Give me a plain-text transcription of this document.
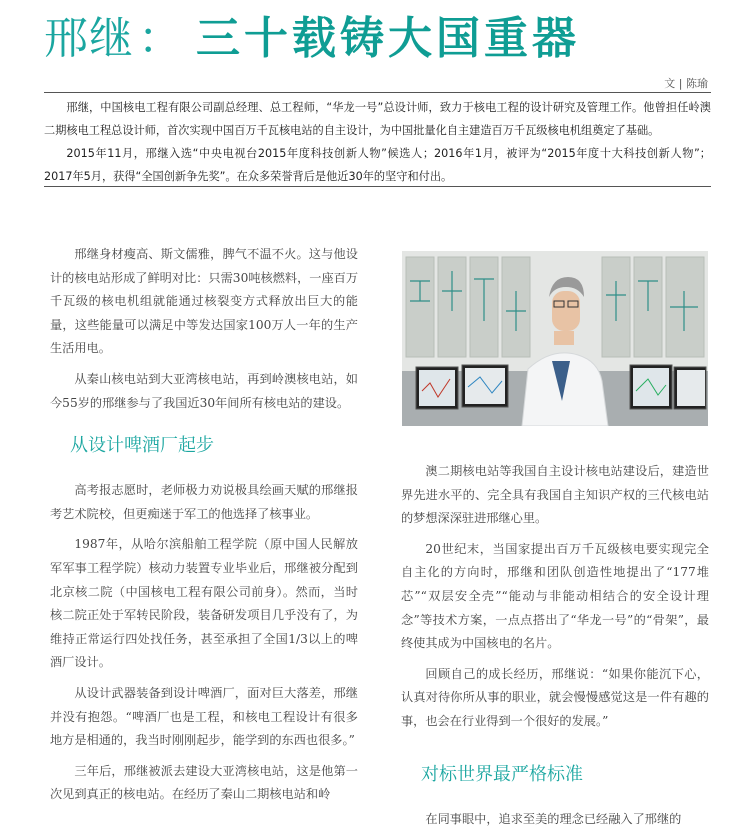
邢继： 三十载铸大国重器
文 | 陈瑜

邢继，中国核电工程有限公司副总经理、总工程师，“华龙一号”总设计师，致力于核电工程的设计研究及管理工作。他曾担任岭澳二期核电工程总设计师，首次实现中国百万千瓦核电站的自主设计，为中国批量化自主建造百万千瓦级核电机组奠定了基础。

2015年11月，邢继入选“中央电视台2015年度科技创新人物”候选人；2016年1月，被评为“2015年度十大科技创新人物”；2017年5月，获得“全国创新争先奖”。在众多荣誉背后是他近30年的坚守和付出。

邢继身材瘦高、斯文儒雅，脾气不温不火。这与他设计的核电站形成了鲜明对比：只需30吨核燃料，一座百万千瓦级的核电机组就能通过核裂变方式释放出巨大的能量，这些能量可以满足中等发达国家100万人一年的生产生活用电。

从秦山核电站到大亚湾核电站，再到岭澳核电站，如今55岁的邢继参与了我国近30年间所有核电站的建设。

从设计啤酒厂起步

高考报志愿时，老师极力劝说极具绘画天赋的邢继报考艺术院校，但更痴迷于军工的他选择了核事业。

1987年，从哈尔滨船舶工程学院（原中国人民解放军军事工程学院）核动力装置专业毕业后，邢继被分配到北京核二院（中国核电工程有限公司前身）。然而，当时核二院正处于军转民阶段，装备研发项目几乎没有了，为维持正常运行四处找任务，甚至承担了全国1/3以上的啤酒厂设计。

从设计武器装备到设计啤酒厂，面对巨大落差，邢继并没有抱怨。“啤酒厂也是工程，和核电工程设计有很多地方是相通的，我当时刚刚起步，能学到的东西也很多。”

三年后，邢继被派去建设大亚湾核电站，这是他第一次见到真正的核电站。在经历了秦山二期核电站和岭

澳二期核电站等我国自主设计核电站建设后，建造世界先进水平的、完全具有我国自主知识产权的三代核电站的梦想深深驻进邢继心里。

20世纪末，当国家提出百万千瓦级核电要实现完全自主化的方向时，邢继和团队创造性地提出了“177堆芯”“双层安全壳”“能动与非能动相结合的安全设计理念”等技术方案，一点点搭出了“华龙一号”的“骨架”，最终使其成为中国核电的名片。

回顾自己的成长经历，邢继说：“如果你能沉下心，认真对待你所从事的职业，就会慢慢感觉这是一件有趣的事，也会在行业得到一个很好的发展。”

对标世界最严格标准

在同事眼中，追求至美的理念已经融入了邢继的
